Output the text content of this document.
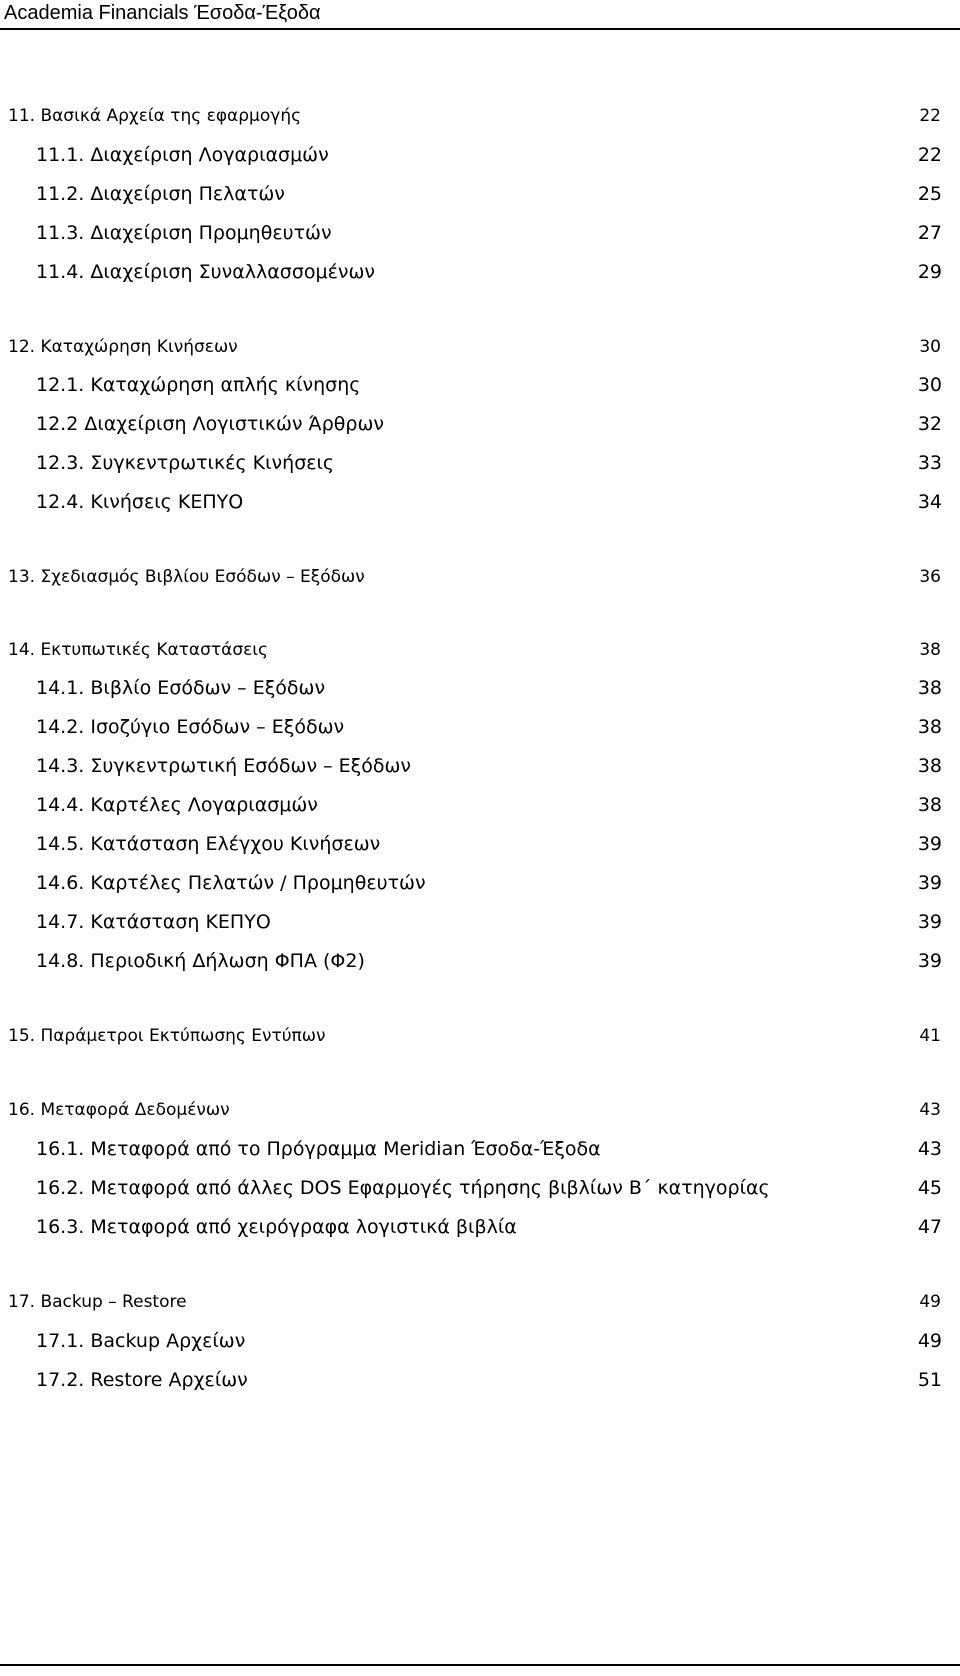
Academia Financials Έσοδα-Έξοδα
11. Βασικά Αρχεία της εφαρμογής	22
11.1. Διαχείριση Λογαριασμών	22
11.2. Διαχείριση Πελατών	25
11.3. Διαχείριση Προμηθευτών	27
11.4. Διαχείριση Συναλλασσομένων	29
12. Καταχώρηση Κινήσεων	30
12.1. Καταχώρηση απλής κίνησης	30
12.2 Διαχείριση Λογιστικών Άρθρων	32
12.3. Συγκεντρωτικές Κινήσεις	33
12.4. Κινήσεις ΚΕΠΥΟ	34
13. Σχεδιασμός Βιβλίου Εσόδων – Εξόδων	36
14. Εκτυπωτικές Καταστάσεις	38
14.1. Βιβλίο Εσόδων – Εξόδων	38
14.2. Ισοζύγιο Εσόδων – Εξόδων	38
14.3. Συγκεντρωτική Εσόδων – Εξόδων	38
14.4. Καρτέλες Λογαριασμών	38
14.5. Κατάσταση Ελέγχου Κινήσεων	39
14.6. Καρτέλες Πελατών / Προμηθευτών	39
14.7. Κατάσταση ΚΕΠΥΟ	39
14.8. Περιοδική Δήλωση ΦΠΑ (Φ2)	39
15. Παράμετροι Εκτύπωσης Εντύπων	41
16. Μεταφορά Δεδομένων	43
16.1. Μεταφορά από το Πρόγραμμα Meridian Έσοδα-Έξοδα	43
16.2. Μεταφορά από άλλες DOS Εφαρμογές τήρησης βιβλίων Β΄ κατηγορίας	45
16.3. Μεταφορά από χειρόγραφα λογιστικά βιβλία	47
17. Backup – Restore	49
17.1. Backup Αρχείων	49
17.2. Restore Αρχείων	51
